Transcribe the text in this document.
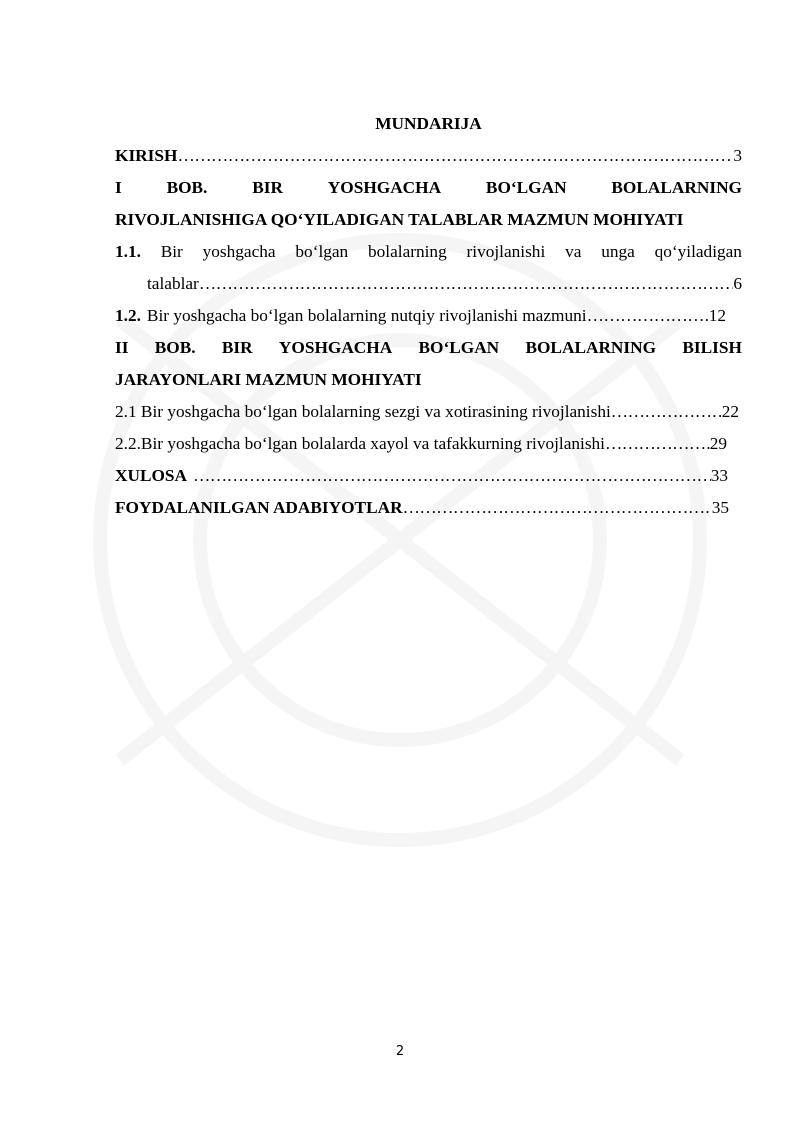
MUNDARIJA
KIRISH ……………………………………………………………………………………………………………………………………………………………………	3
I	BOB.	BIR	YOSHGACHA	BO‘LGAN	BOLALARNING
RIVOJLANISHIGA QO‘YILADIGAN TALABLAR MAZMUN MOHIYATI
1.1. Bir yoshgacha bo‘lgan bolalarning rivojlanishi va unga qo‘yiladigan
talablar ……………………………………………………………………………………………………………………………………………………………………	6
1.2. Bir yoshgacha bo‘lgan bolalarning nutqiy rivojlanishi mazmuni ……………………………………………………………………………………………………………………………………………………………………	12
II BOB. BIR YOSHGACHA BO‘LGAN BOLALARNING BILISH
JARAYONLARI MAZMUN MOHIYATI
2.1 Bir yoshgacha bo‘lgan bolalarning sezgi va xotirasining rivojlanishi ……………………………………………………………………………………………………………………………………………………………………	22
2.2.Bir yoshgacha bo‘lgan bolalarda xayol va tafakkurning rivojlanishi ……………………………………………………………………………………………………………………………………………………………………	29
XULOSA ……………………………………………………………………………………………………………………………………………………………………	33
FOYDALANILGAN ADABIYOTLAR ……………………………………………………………………………………………………………………………………………………………………	35
2
